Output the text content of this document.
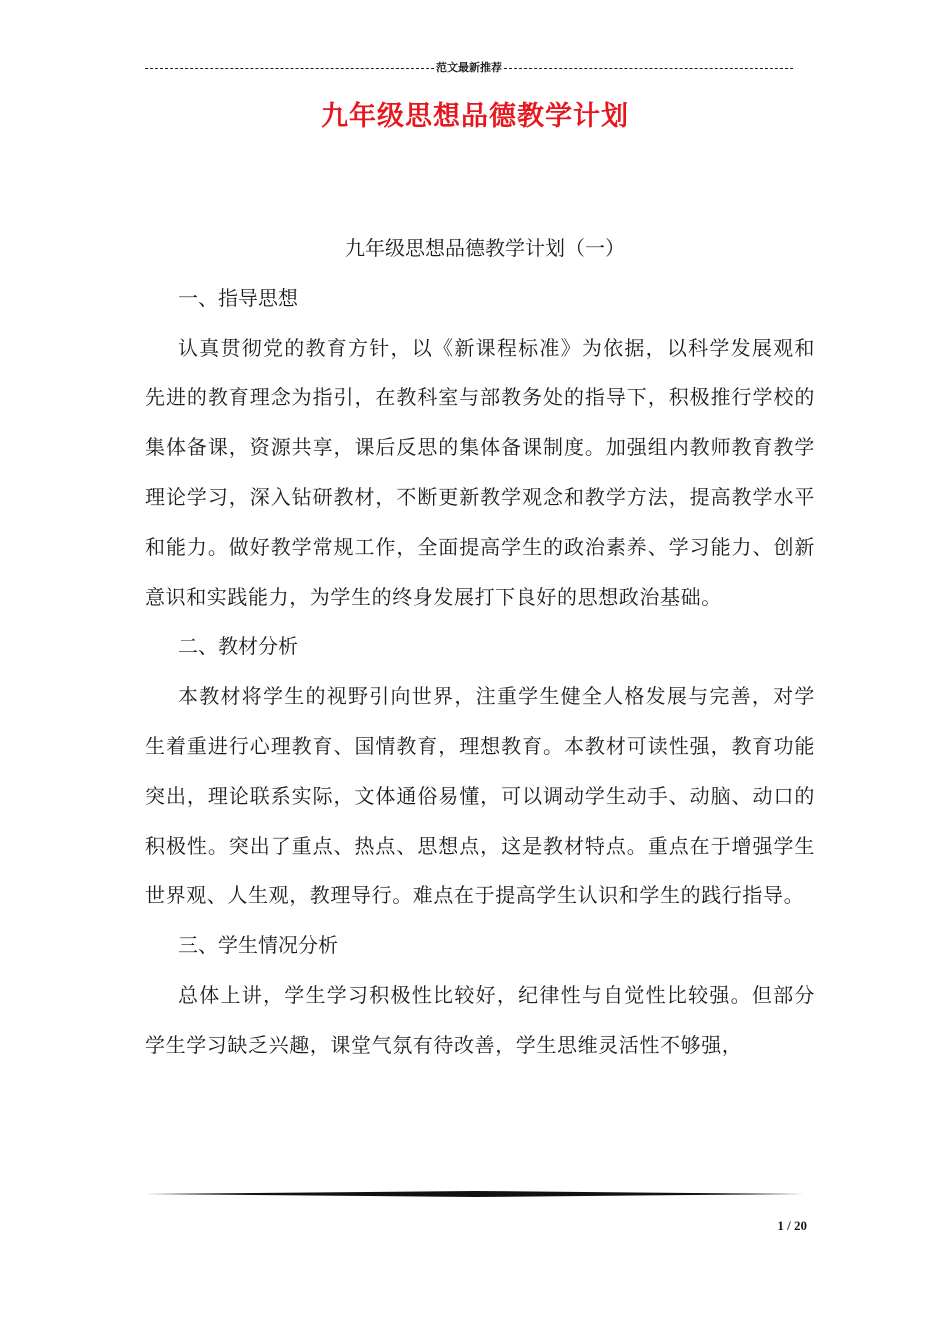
范文最新推荐
九年级思想品德教学计划

九年级思想品德教学计划（一）

一、指导思想

认真贯彻党的教育方针，以《新课程标准》为依据，以科学发展观和先进的教育理念为指引，在教科室与部教务处的指导下，积极推行学校的集体备课，资源共享，课后反思的集体备课制度。加强组内教师教育教学理论学习，深入钻研教材，不断更新教学观念和教学方法，提高教学水平和能力。做好教学常规工作，全面提高学生的政治素养、学习能力、创新意识和实践能力，为学生的终身发展打下良好的思想政治基础。

二、教材分析

本教材将学生的视野引向世界，注重学生健全人格发展与完善，对学生着重进行心理教育、国情教育，理想教育。本教材可读性强，教育功能突出，理论联系实际，文体通俗易懂，可以调动学生动手、动脑、动口的积极性。突出了重点、热点、思想点，这是教材特点。重点在于增强学生世界观、人生观，教理导行。难点在于提高学生认识和学生的践行指导。

三、学生情况分析

总体上讲，学生学习积极性比较好，纪律性与自觉性比较强。但部分学生学习缺乏兴趣，课堂气氛有待改善，学生思维灵活性不够强，

1 / 20
